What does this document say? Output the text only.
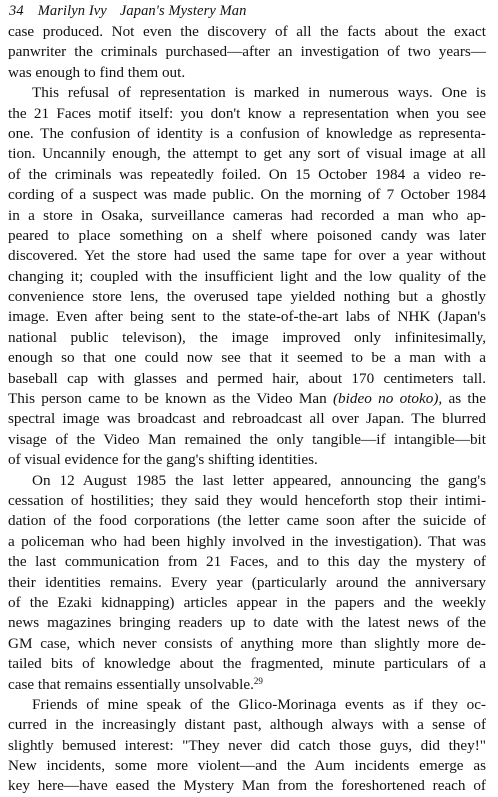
34 Marilyn Ivy Japan's Mystery Man
case produced. Not even the discovery of all the facts about the exact
panwriter the criminals purchased—after an investigation of two years—
was enough to find them out.
This refusal of representation is marked in numerous ways. One is
the 21 Faces motif itself: you don't know a representation when you see
one. The confusion of identity is a confusion of knowledge as representa-
tion. Uncannily enough, the attempt to get any sort of visual image at all
of the criminals was repeatedly foiled. On 15 October 1984 a video re-
cording of a suspect was made public. On the morning of 7 October 1984
in a store in Osaka, surveillance cameras had recorded a man who ap-
peared to place something on a shelf where poisoned candy was later
discovered. Yet the store had used the same tape for over a year without
changing it; coupled with the insufficient light and the low quality of the
convenience store lens, the overused tape yielded nothing but a ghostly
image. Even after being sent to the state-of-the-art labs of NHK (Japan's
national public televison), the image improved only infinitesimally,
enough so that one could now see that it seemed to be a man with a
baseball cap with glasses and permed hair, about 170 centimeters tall.
This person came to be known as the Video Man (bideo no otoko), as the
spectral image was broadcast and rebroadcast all over Japan. The blurred
visage of the Video Man remained the only tangible—if intangible—bit
of visual evidence for the gang's shifting identities.
On 12 August 1985 the last letter appeared, announcing the gang's
cessation of hostilities; they said they would henceforth stop their intimi-
dation of the food corporations (the letter came soon after the suicide of
a policeman who had been highly involved in the investigation). That was
the last communication from 21 Faces, and to this day the mystery of
their identities remains. Every year (particularly around the anniversary
of the Ezaki kidnapping) articles appear in the papers and the weekly
news magazines bringing readers up to date with the latest news of the
GM case, which never consists of anything more than slightly more de-
tailed bits of knowledge about the fragmented, minute particulars of a
case that remains essentially unsolvable.$^{29}$
Friends of mine speak of the Glico-Morinaga events as if they oc-
curred in the increasingly distant past, although always with a sense of
slightly bemused interest: "They never did catch those guys, did they!"
New incidents, some more violent—and the Aum incidents emerge as
key here—have eased the Mystery Man from the foreshortened reach of
